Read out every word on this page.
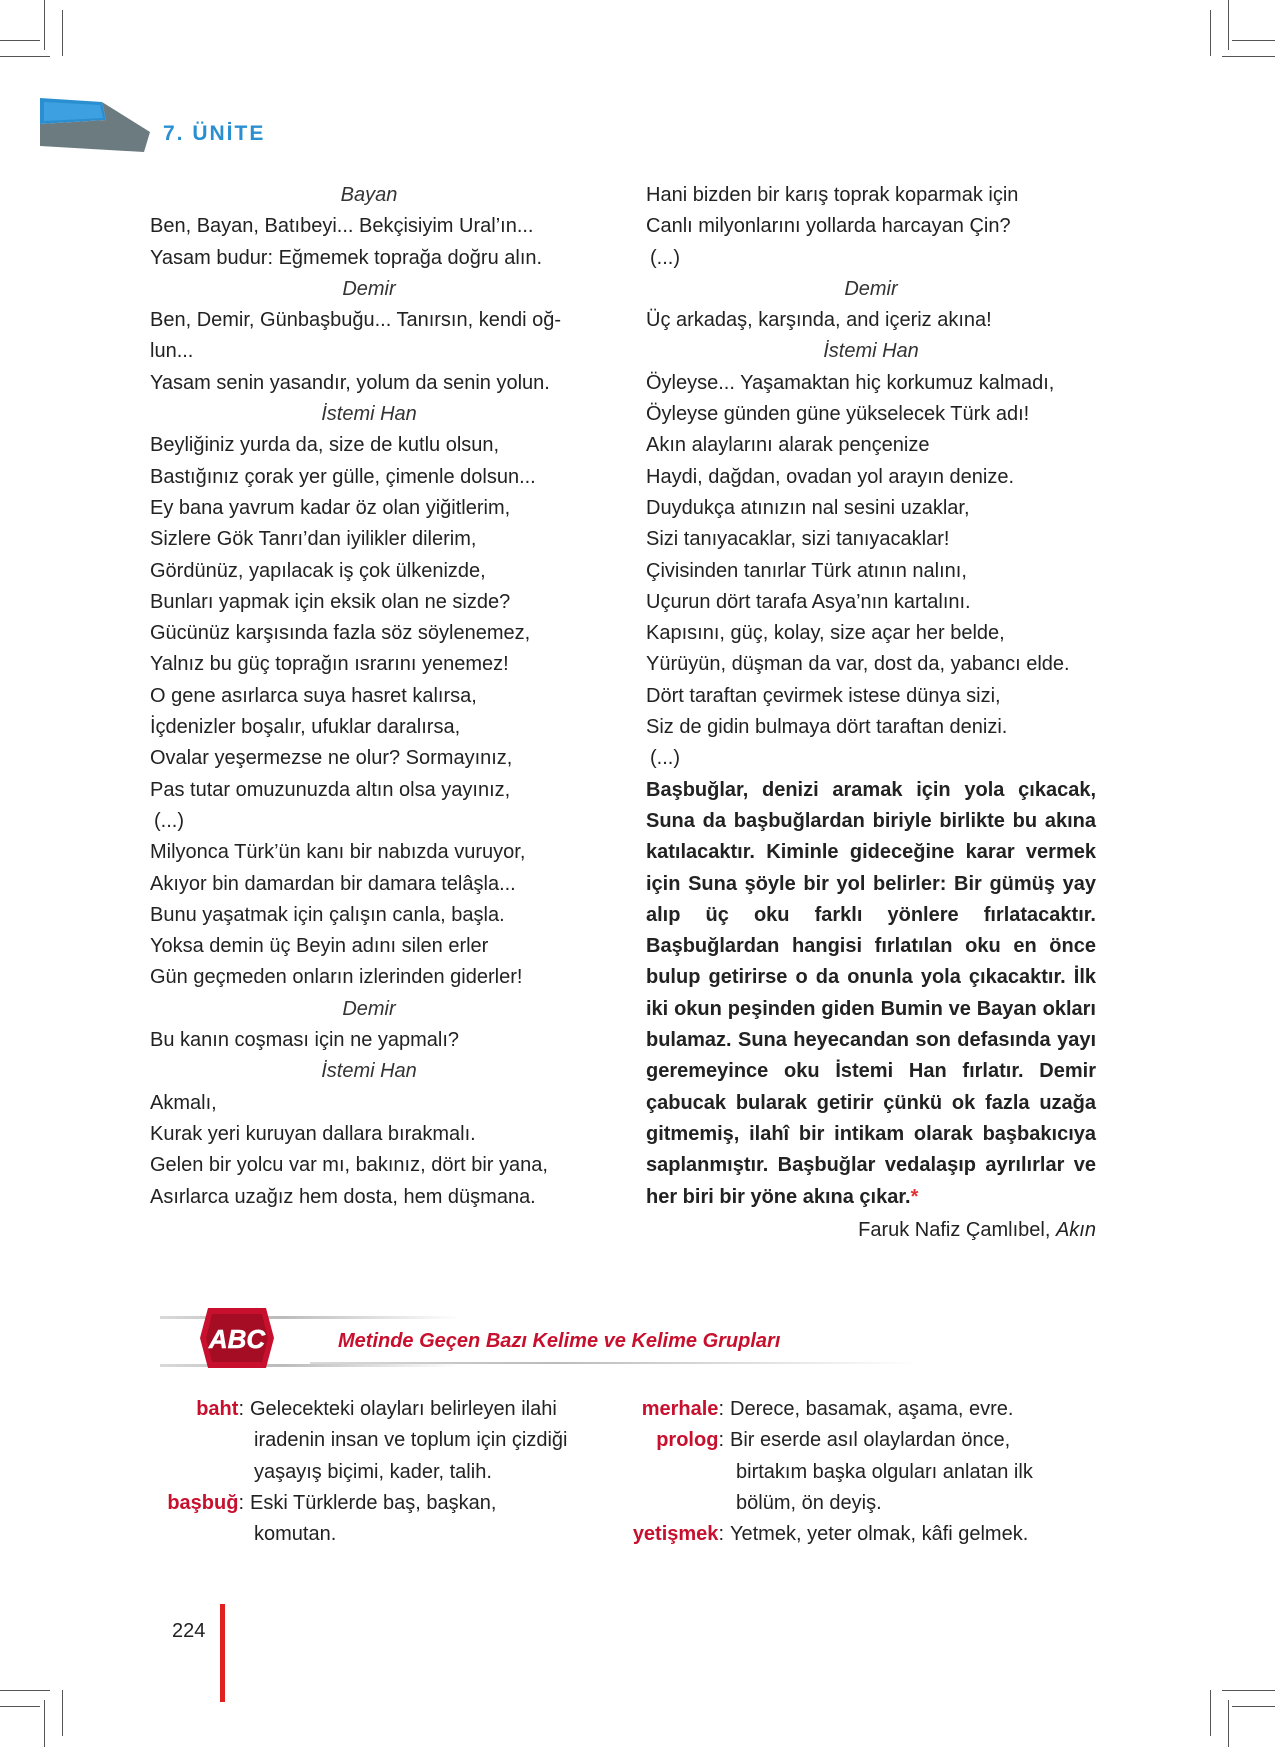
7. ÜNİTE
Bayan
Ben, Bayan, Batıbeyi... Bekçisiyim Ural’ın...
Yasam budur: Eğmemek toprağa doğru alın.
Demir
Ben, Demir, Günbaşbuğu... Tanırsın, kendi oğ-
lun...
Yasam senin yasandır, yolum da senin yolun.
İstemi Han
Beyliğiniz yurda da, size de kutlu olsun,
Bastığınız çorak yer gülle, çimenle dolsun...
Ey bana yavrum kadar öz olan yiğitlerim,
Sizlere Gök Tanrı’dan iyilikler dilerim,
Gördünüz, yapılacak iş çok ülkenizde,
Bunları yapmak için eksik olan ne sizde?
Gücünüz karşısında fazla söz söylenemez,
Yalnız bu güç toprağın ısrarını yenemez!
O gene asırlarca suya hasret kalırsa,
İçdenizler boşalır, ufuklar daralırsa,
Ovalar yeşermezse ne olur? Sormayınız,
Pas tutar omuzunuzda altın olsa yayınız,
(...)
Milyonca Türk’ün kanı bir nabızda vuruyor,
Akıyor bin damardan bir damara telâşla...
Bunu yaşatmak için çalışın canla, başla.
Yoksa demin üç Beyin adını silen erler
Gün geçmeden onların izlerinden giderler!
Demir
Bu kanın coşması için ne yapmalı?
İstemi Han
Akmalı,
Kurak yeri kuruyan dallara bırakmalı.
Gelen bir yolcu var mı, bakınız, dört bir yana,
Asırlarca uzağız hem dosta, hem düşmana.
Hani bizden bir karış toprak koparmak için
Canlı milyonlarını yollarda harcayan Çin?
(...)
Demir
Üç arkadaş, karşında, and içeriz akına!
İstemi Han
Öyleyse... Yaşamaktan hiç korkumuz kalmadı,
Öyleyse günden güne yükselecek Türk adı!
Akın alaylarını alarak pençenize
Haydi, dağdan, ovadan yol arayın denize.
Duydukça atınızın nal sesini uzaklar,
Sizi tanıyacaklar, sizi tanıyacaklar!
Çivisinden tanırlar Türk atının nalını,
Uçurun dört tarafa Asya’nın kartalını.
Kapısını, güç, kolay, size açar her belde,
Yürüyün, düşman da var, dost da, yabancı elde.
Dört taraftan çevirmek istese dünya sizi,
Siz de gidin bulmaya dört taraftan denizi.
(...)

Başbuğlar, denizi aramak için yola çıkacak, Suna da başbuğlardan biriyle birlikte bu akına katılacaktır. Kiminle gideceğine karar vermek için Suna şöyle bir yol belirler: Bir gümüş yay alıp üç oku farklı yönlere fırlatacaktır. Başbuğlardan hangisi fırlatılan oku en önce bulup getirirse o da onunla yola çıkacaktır. İlk iki okun peşinden giden Bumin ve Bayan okları bulamaz. Suna heyecandan son defasında yayı geremeyince oku İstemi Han fırlatır. Demir çabucak bularak getirir çünkü ok fazla uzağa gitmemiş, ilahî bir intikam olarak başbakıcıya saplanmıştır. Başbuğlar vedalaşıp ayrılırlar ve her biri bir yöne akına çıkar.*

Faruk Nafiz Çamlıbel, Akın
ABC	Metinde Geçen Bazı Kelime ve Kelime Grupları
baht: Gelecekteki olayları belirleyen ilahi
iradenin insan ve toplum için çizdiği
yaşayış biçimi, kader, talih.
başbuğ: Eski Türklerde baş, başkan,
komutan.
merhale: Derece, basamak, aşama, evre.
prolog: Bir eserde asıl olaylardan önce,
birtakım başka olguları anlatan ilk
bölüm, ön deyiş.
yetişmek: Yetmek, yeter olmak, kâfi gelmek.
224
